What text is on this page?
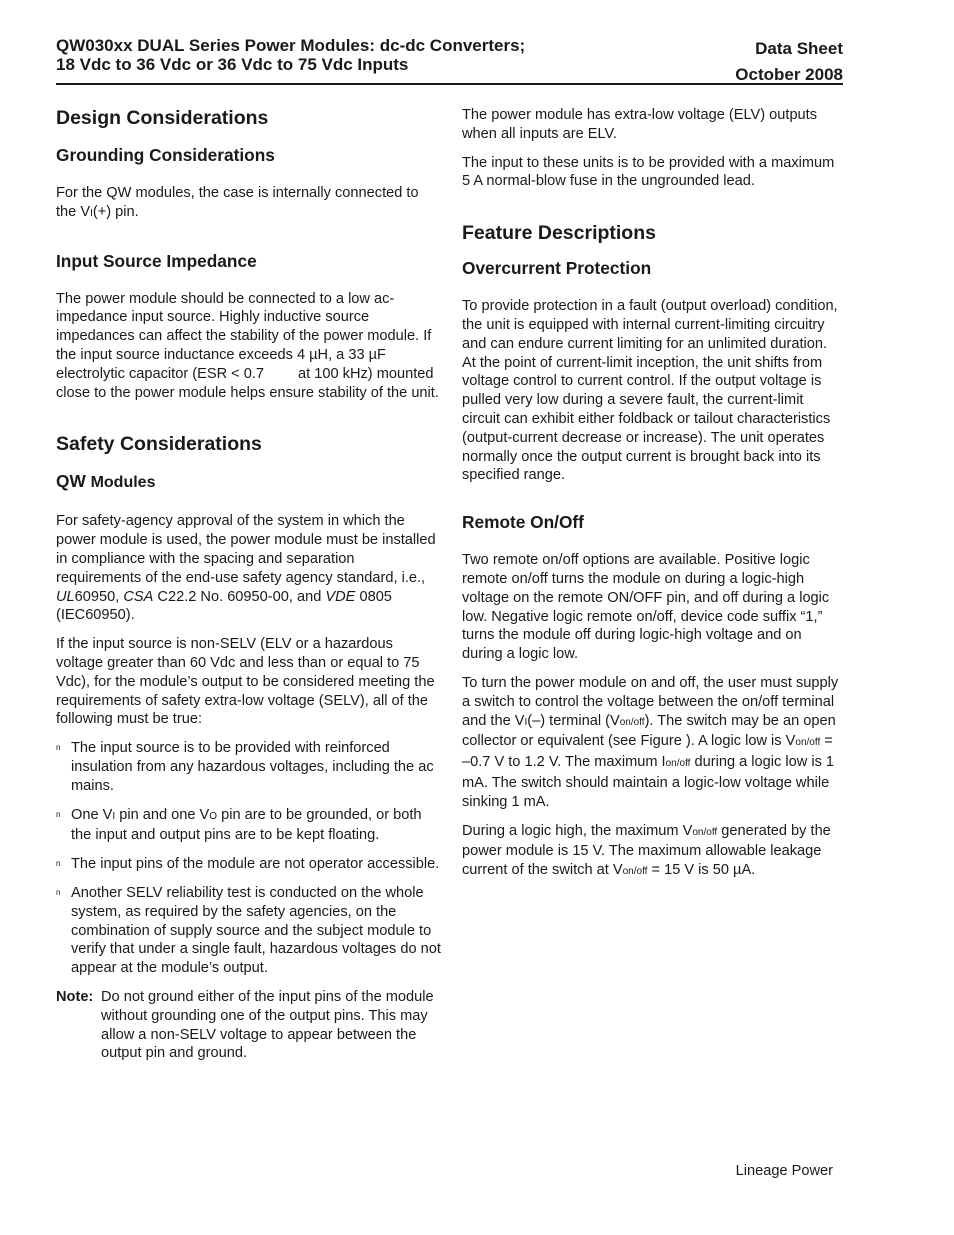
QW030xx DUAL Series Power Modules: dc-dc Converters;
18 Vdc to 36 Vdc or 36 Vdc to 75 Vdc Inputs
Data Sheet
October 2008
Design Considerations
Grounding Considerations

For the QW modules, the case is internally connected to the VI(+) pin.

Input Source Impedance

The power module should be connected to a low ac-impedance input source. Highly inductive source impedances can affect the stability of the power module. If the input source inductance exceeds 4 µH, a 33 µF electrolytic capacitor (ESR < 0.7 at 100 kHz) mounted close to the power module helps ensure stability of the unit.

Safety Considerations
QW Modules

For safety-agency approval of the system in which the power module is used, the power module must be installed in compliance with the spacing and separation requirements of the end-use safety agency standard, i.e., UL60950, CSA C22.2 No. 60950-00, and VDE 0805 (IEC60950).

If the input source is non-SELV (ELV or a hazardous voltage greater than 60 Vdc and less than or equal to 75 Vdc), for the module’s output to be considered meeting the requirements of safety extra-low voltage (SELV), all of the following must be true:

n The input source is to be provided with reinforced insulation from any hazardous voltages, including the ac mains.
n One VI pin and one VO pin are to be grounded, or both the input and output pins are to be kept floating.
n The input pins of the module are not operator accessible.
n Another SELV reliability test is conducted on the whole system, as required by the safety agencies, on the combination of supply source and the subject module to verify that under a single fault, hazardous voltages do not appear at the module’s output.
Note: Do not ground either of the input pins of the module without grounding one of the output pins. This may allow a non-SELV voltage to appear between the output pin and ground.

The power module has extra-low voltage (ELV) outputs when all inputs are ELV.

The input to these units is to be provided with a maximum 5 A normal-blow fuse in the ungrounded lead.

Feature Descriptions
Overcurrent Protection

To provide protection in a fault (output overload) condition, the unit is equipped with internal current-limiting circuitry and can endure current limiting for an unlimited duration. At the point of current-limit inception, the unit shifts from voltage control to current control. If the output voltage is pulled very low during a severe fault, the current-limit circuit can exhibit either foldback or tailout characteristics (output-current decrease or increase). The unit operates normally once the output current is brought back into its specified range.

Remote On/Off

Two remote on/off options are available. Positive logic remote on/off turns the module on during a logic-high voltage on the remote ON/OFF pin, and off during a logic low. Negative logic remote on/off, device code suffix “1,” turns the module off during logic-high voltage and on during a logic low.

To turn the power module on and off, the user must supply a switch to control the voltage between the on/off terminal and the VI(–) terminal (Von/off). The switch may be an open collector or equivalent (see Figure ). A logic low is Von/off = –0.7 V to 1.2 V. The maximum Ion/off during a logic low is 1 mA. The switch should maintain a logic-low voltage while sinking 1 mA.

During a logic high, the maximum Von/off generated by the power module is 15 V. The maximum allowable leakage current of the switch at Von/off = 15 V is 50 µA.

Lineage Power
